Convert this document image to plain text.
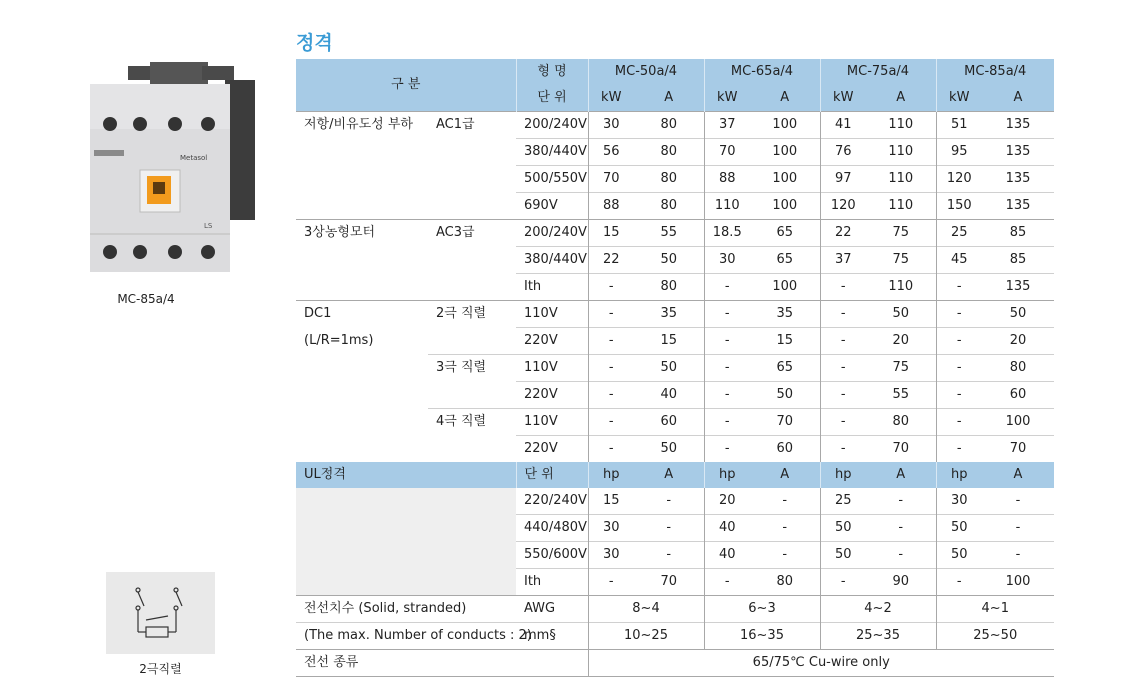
정격
Metasol
LS
MC-85a/4
2극직렬
구 분		형 명	MC-50a/4		MC-65a/4		MC-75a/4		MC-85a/4	
		단 위	kW	A	kW	A	kW	A	kW	A
저항/비유도성 부하	AC1급	200/240V	30	80	37	100	41	110	51	135
		380/440V	56	80	70	100	76	110	95	135
		500/550V	70	80	88	100	97	110	120	135
		690V	88	80	110	100	120	110	150	135
3상농형모터	AC3급	200/240V	15	55	18.5	65	22	75	25	85
		380/440V	22	50	30	65	37	75	45	85
		Ith	-	80	-	100	-	110	-	135
DC1	2극 직렬	110V	-	35	-	35	-	50	-	50
(L/R=1ms)		220V	-	15	-	15	-	20	-	20
	3극 직렬	110V	-	50	-	65	-	75	-	80
		220V	-	40	-	50	-	55	-	60
	4극 직렬	110V	-	60	-	70	-	80	-	100
		220V	-	50	-	60	-	70	-	70
UL정격		단 위	hp	A	hp	A	hp	A	hp	A
		220/240V	15	-	20	-	25	-	30	-
		440/480V	30	-	40	-	50	-	50	-
		550/600V	30	-	40	-	50	-	50	-
		Ith	-	70	-	80	-	90	-	100
전선치수 (Solid, stranded)		AWG	8~4		6~3		4~2		4~1	
(The max. Number of conducts : 2)		mm§	10~25		16~35		25~35		25~50	
전선 종류			65/75℃ Cu-wire only							
